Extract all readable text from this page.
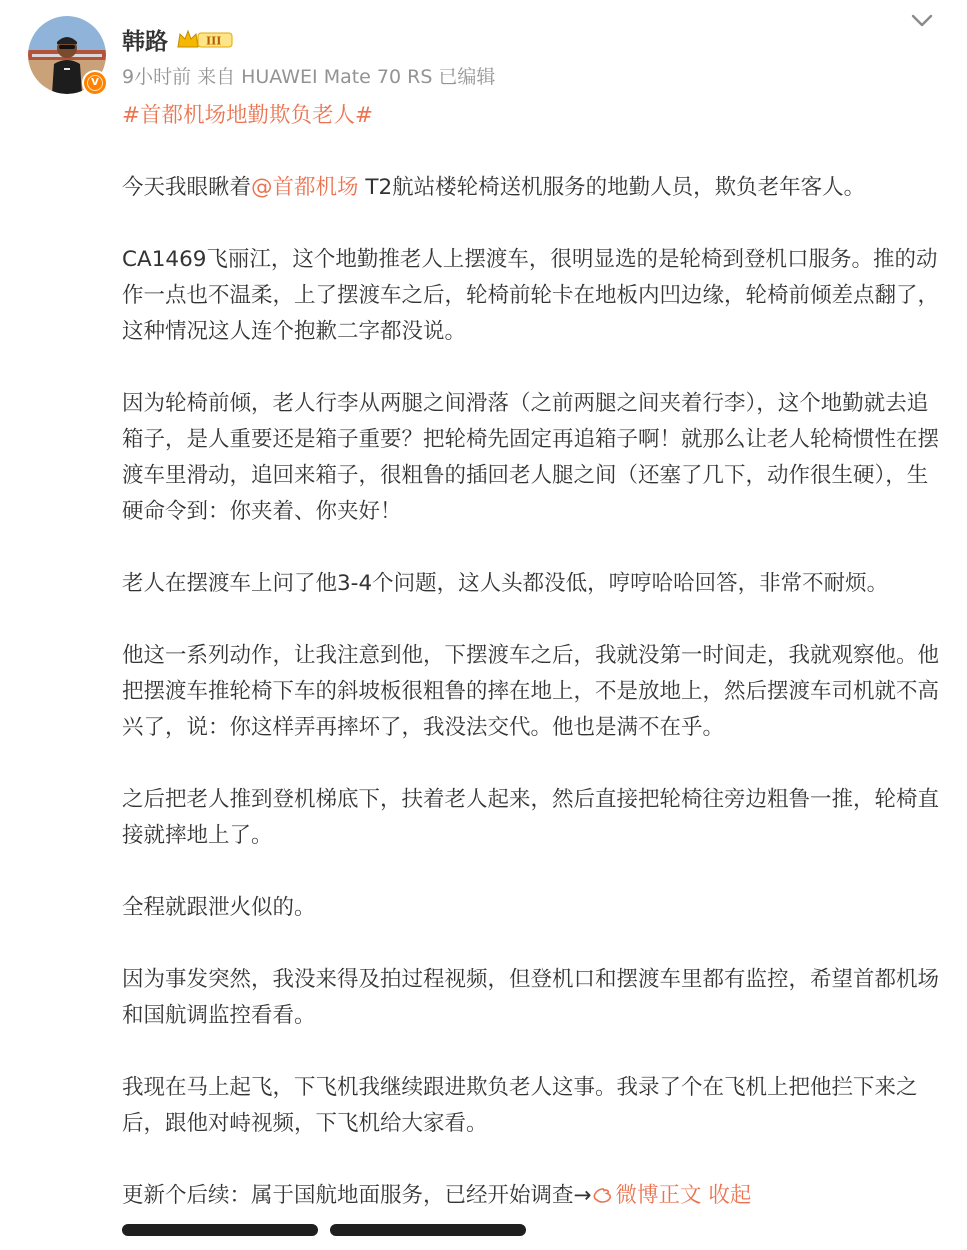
V
韩路	III
9小时前 来自 HUAWEI Mate 70 RS 已编辑

#首都机场地勤欺负老人#

今天我眼瞅着@首都机场 T2航站楼轮椅送机服务的地勤人员，欺负老年客人。

CA1469飞丽江，这个地勤推老人上摆渡车，很明显选的是轮椅到登机口服务。推的动作一点也不温柔，上了摆渡车之后，轮椅前轮卡在地板内凹边缘，轮椅前倾差点翻了，这种情况这人连个抱歉二字都没说。

因为轮椅前倾，老人行李从两腿之间滑落（之前两腿之间夹着行李），这个地勤就去追箱子，是人重要还是箱子重要？把轮椅先固定再追箱子啊！就那么让老人轮椅惯性在摆渡车里滑动，追回来箱子，很粗鲁的插回老人腿之间（还塞了几下，动作很生硬），生硬命令到：你夹着、你夹好！

老人在摆渡车上问了他3-4个问题，这人头都没低，哼哼哈哈回答，非常不耐烦。

他这一系列动作，让我注意到他，下摆渡车之后，我就没第一时间走，我就观察他。他把摆渡车推轮椅下车的斜坡板很粗鲁的摔在地上，不是放地上，然后摆渡车司机就不高兴了，说：你这样弄再摔坏了，我没法交代。他也是满不在乎。

之后把老人推到登机梯底下，扶着老人起来，然后直接把轮椅往旁边粗鲁一推，轮椅直接就摔地上了。

全程就跟泄火似的。

因为事发突然，我没来得及拍过程视频，但登机口和摆渡车里都有监控，希望首都机场和国航调监控看看。

我现在马上起飞，下飞机我继续跟进欺负老人这事。我录了个在飞机上把他拦下来之后，跟他对峙视频，下飞机给大家看。

更新个后续：属于国航地面服务，已经开始调查→ 微博正文 收起
